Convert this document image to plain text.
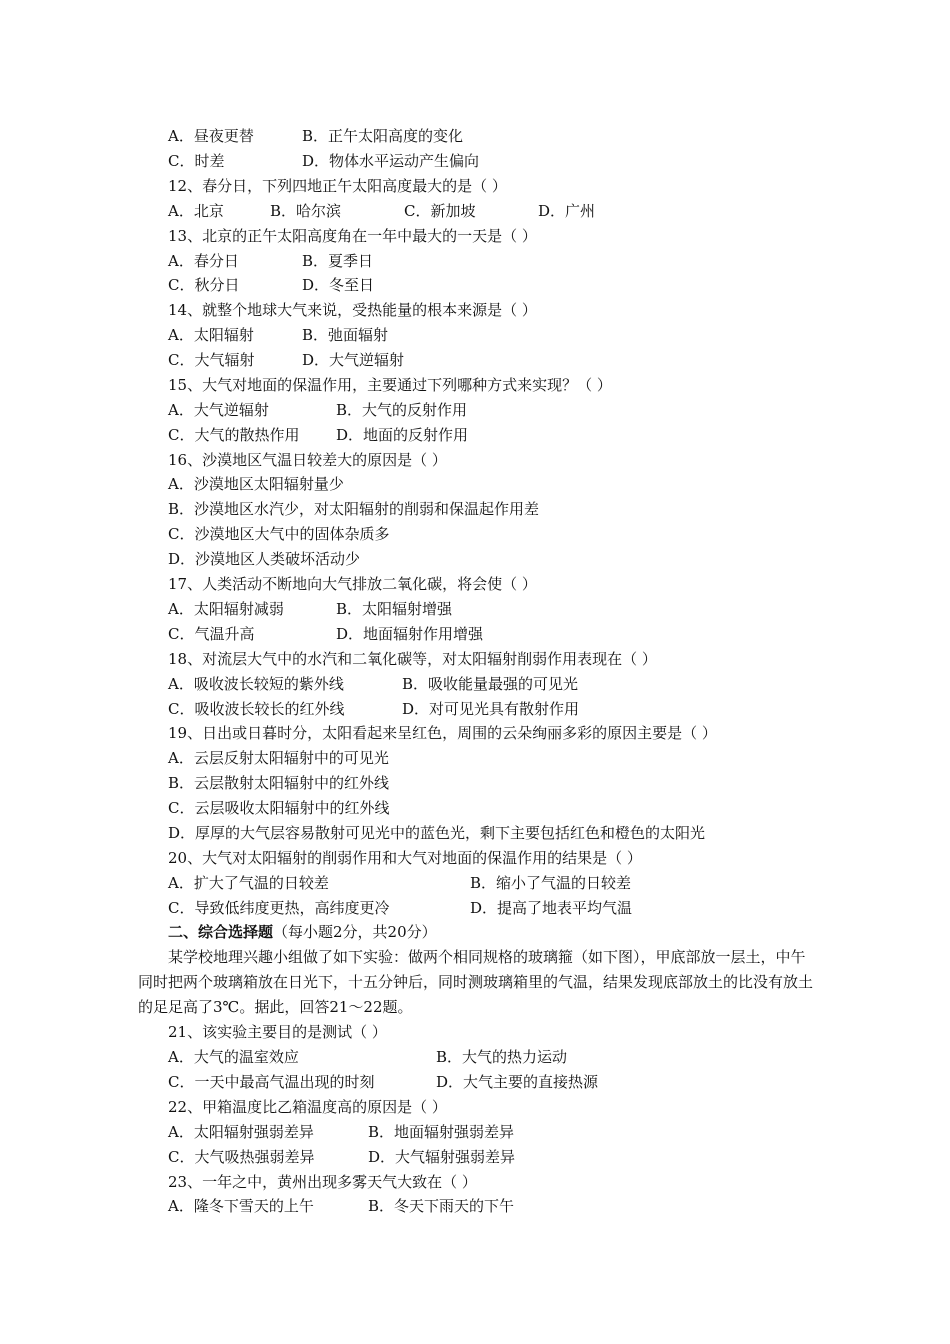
A．昼夜更替	B．正午太阳高度的变化
C．时差	D．物体水平运动产生偏向
12、春分日，下列四地正午太阳高度最大的是（ ）
A．北京	B．哈尔滨	C．新加坡	D．广州
13、北京的正午太阳高度角在一年中最大的一天是（ ）
A．春分日	B．夏季日
C．秋分日	D．冬至日
14、就整个地球大气来说，受热能量的根本来源是（ ）
A．太阳辐射	B．弛面辐射
C．大气辐射	D．大气逆辐射
15、大气对地面的保温作用，主要通过下列哪种方式来实现？（ ）
A．大气逆辐射	B．大气的反射作用
C．大气的散热作用 D．地面的反射作用
16、沙漠地区气温日较差大的原因是（ ）
A．沙漠地区太阳辐射量少
B．沙漠地区水汽少，对太阳辐射的削弱和保温起作用差
C．沙漠地区大气中的固体杂质多
D．沙漠地区人类破坏活动少
17、人类活动不断地向大气排放二氧化碳，将会使（ ）
A．太阳辐射减弱	B．太阳辐射增强
C．气温升高	D．地面辐射作用增强
18、对流层大气中的水汽和二氧化碳等，对太阳辐射削弱作用表现在（ ）
A．吸收波长较短的紫外线	B．吸收能量最强的可见光
C．吸收波长较长的红外线	D．对可见光具有散射作用
19、日出或日暮时分，太阳看起来呈红色，周围的云朵绚丽多彩的原因主要是（ ）
A．云层反射太阳辐射中的可见光
B．云层散射太阳辐射中的红外线
C．云层吸收太阳辐射中的红外线
D．厚厚的大气层容易散射可见光中的蓝色光，剩下主要包括红色和橙色的太阳光
20、大气对太阳辐射的削弱作用和大气对地面的保温作用的结果是（ ）
A．扩大了气温的日较差	B．缩小了气温的日较差
C．导致低纬度更热，高纬度更冷	D．提高了地表平均气温
二、综合选择题（每小题2分，共20分）
某学校地理兴趣小组做了如下实验：做两个相同规格的玻璃箍（如下图），甲底部放一层土，中午同时把两个玻璃箱放在日光下，十五分钟后，同时测玻璃箱里的气温，结果发现底部放土的比没有放土的足足高了3℃。据此，回答21～22题。
21、该实验主要目的是测试（ ）
A．大气的温室效应	B．大气的热力运动
C．一天中最高气温出现的时刻	D．大气主要的直接热源
22、甲箱温度比乙箱温度高的原因是（ ）
A．太阳辐射强弱差异	B．地面辐射强弱差异
C．大气吸热强弱差异	D．大气辐射强弱差异
23、一年之中，黄州出现多雾天气大致在（ ）
A．隆冬下雪天的上午	B．冬天下雨天的下午
